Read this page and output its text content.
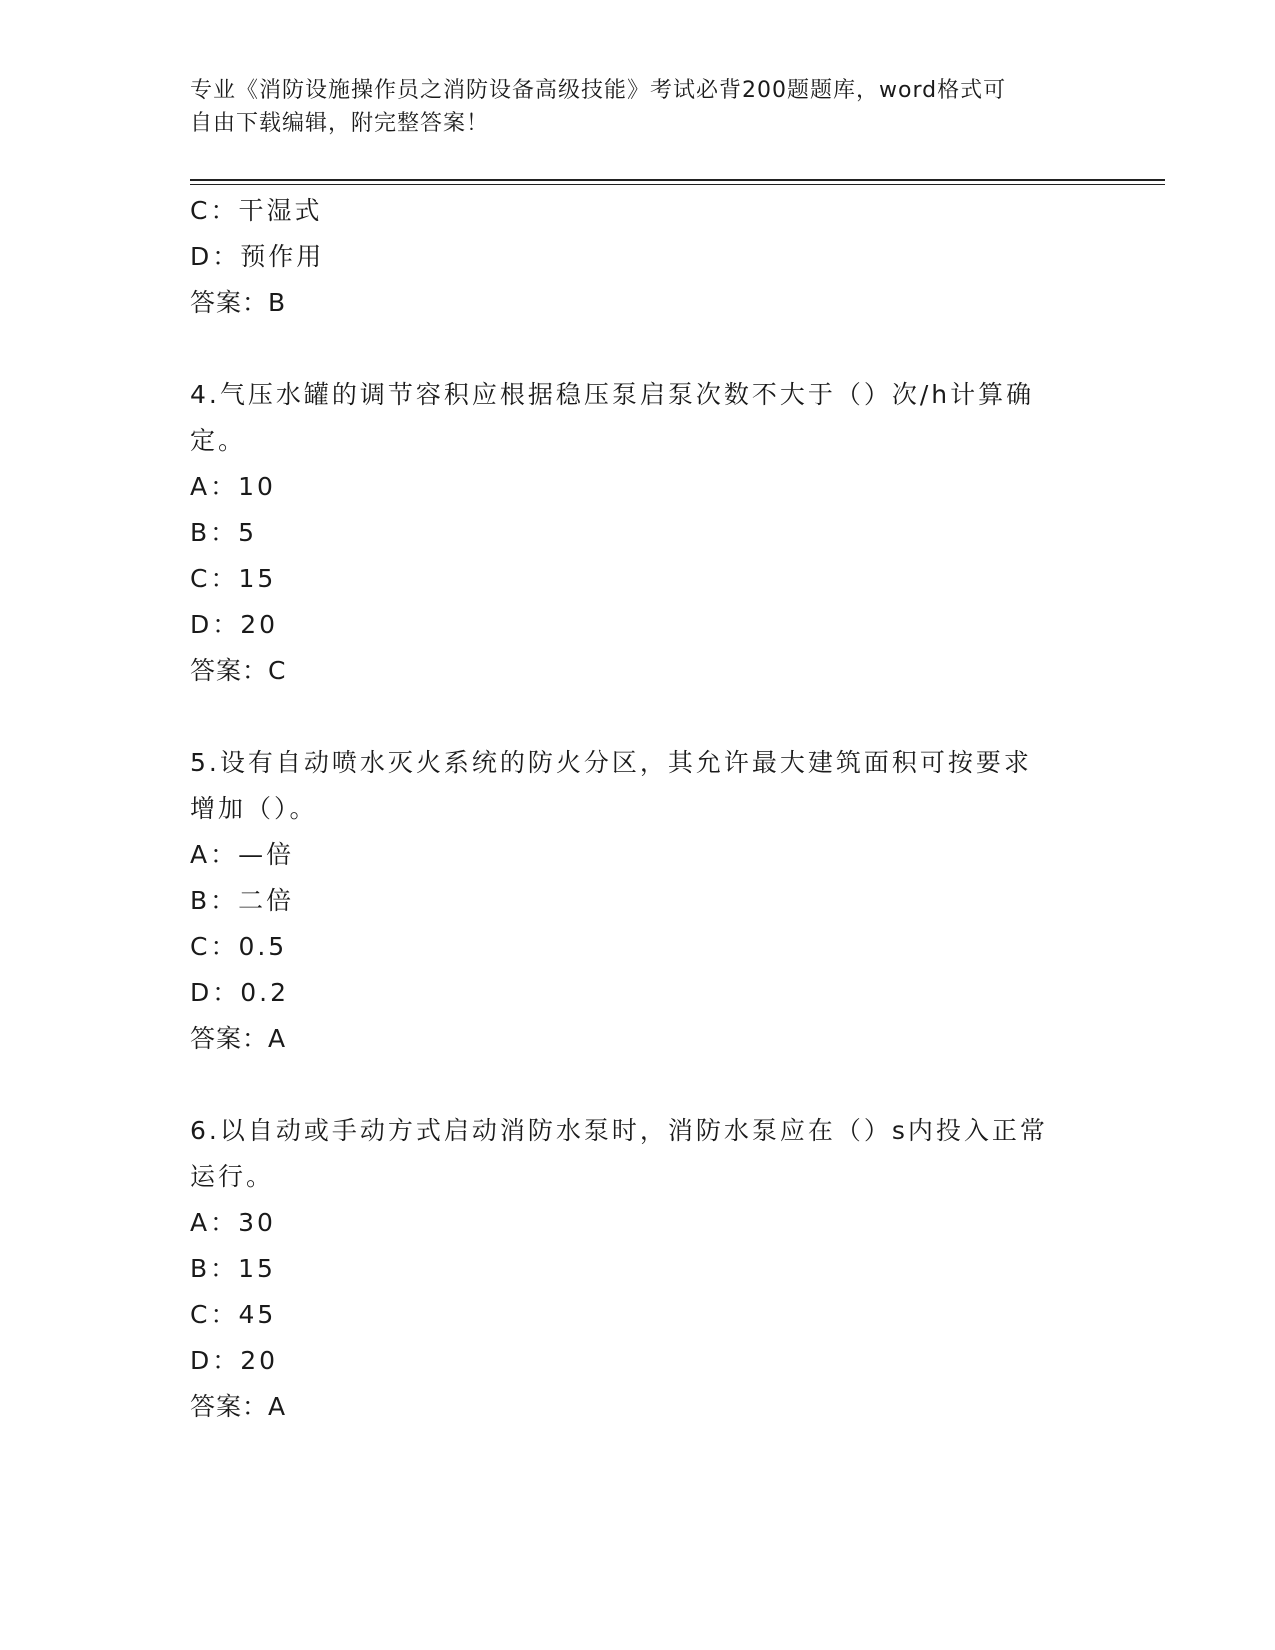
专业《消防设施操作员之消防设备高级技能》考试必背200题题库，word格式可
自由下载编辑，附完整答案！
C：干湿式
D：预作用
答案：B
4.气压水罐的调节容积应根据稳压泵启泵次数不大于（）次/h计算确
定。
A：10
B：5
C：15
D：20
答案：C
5.设有自动喷水灭火系统的防火分区，其允许最大建筑面积可按要求
增加（）。
A：—倍
B：二倍
C：0.5
D：0.2
答案：A
6.以自动或手动方式启动消防水泵时，消防水泵应在（）s内投入正常
运行。
A：30
B：15
C：45
D：20
答案：A
